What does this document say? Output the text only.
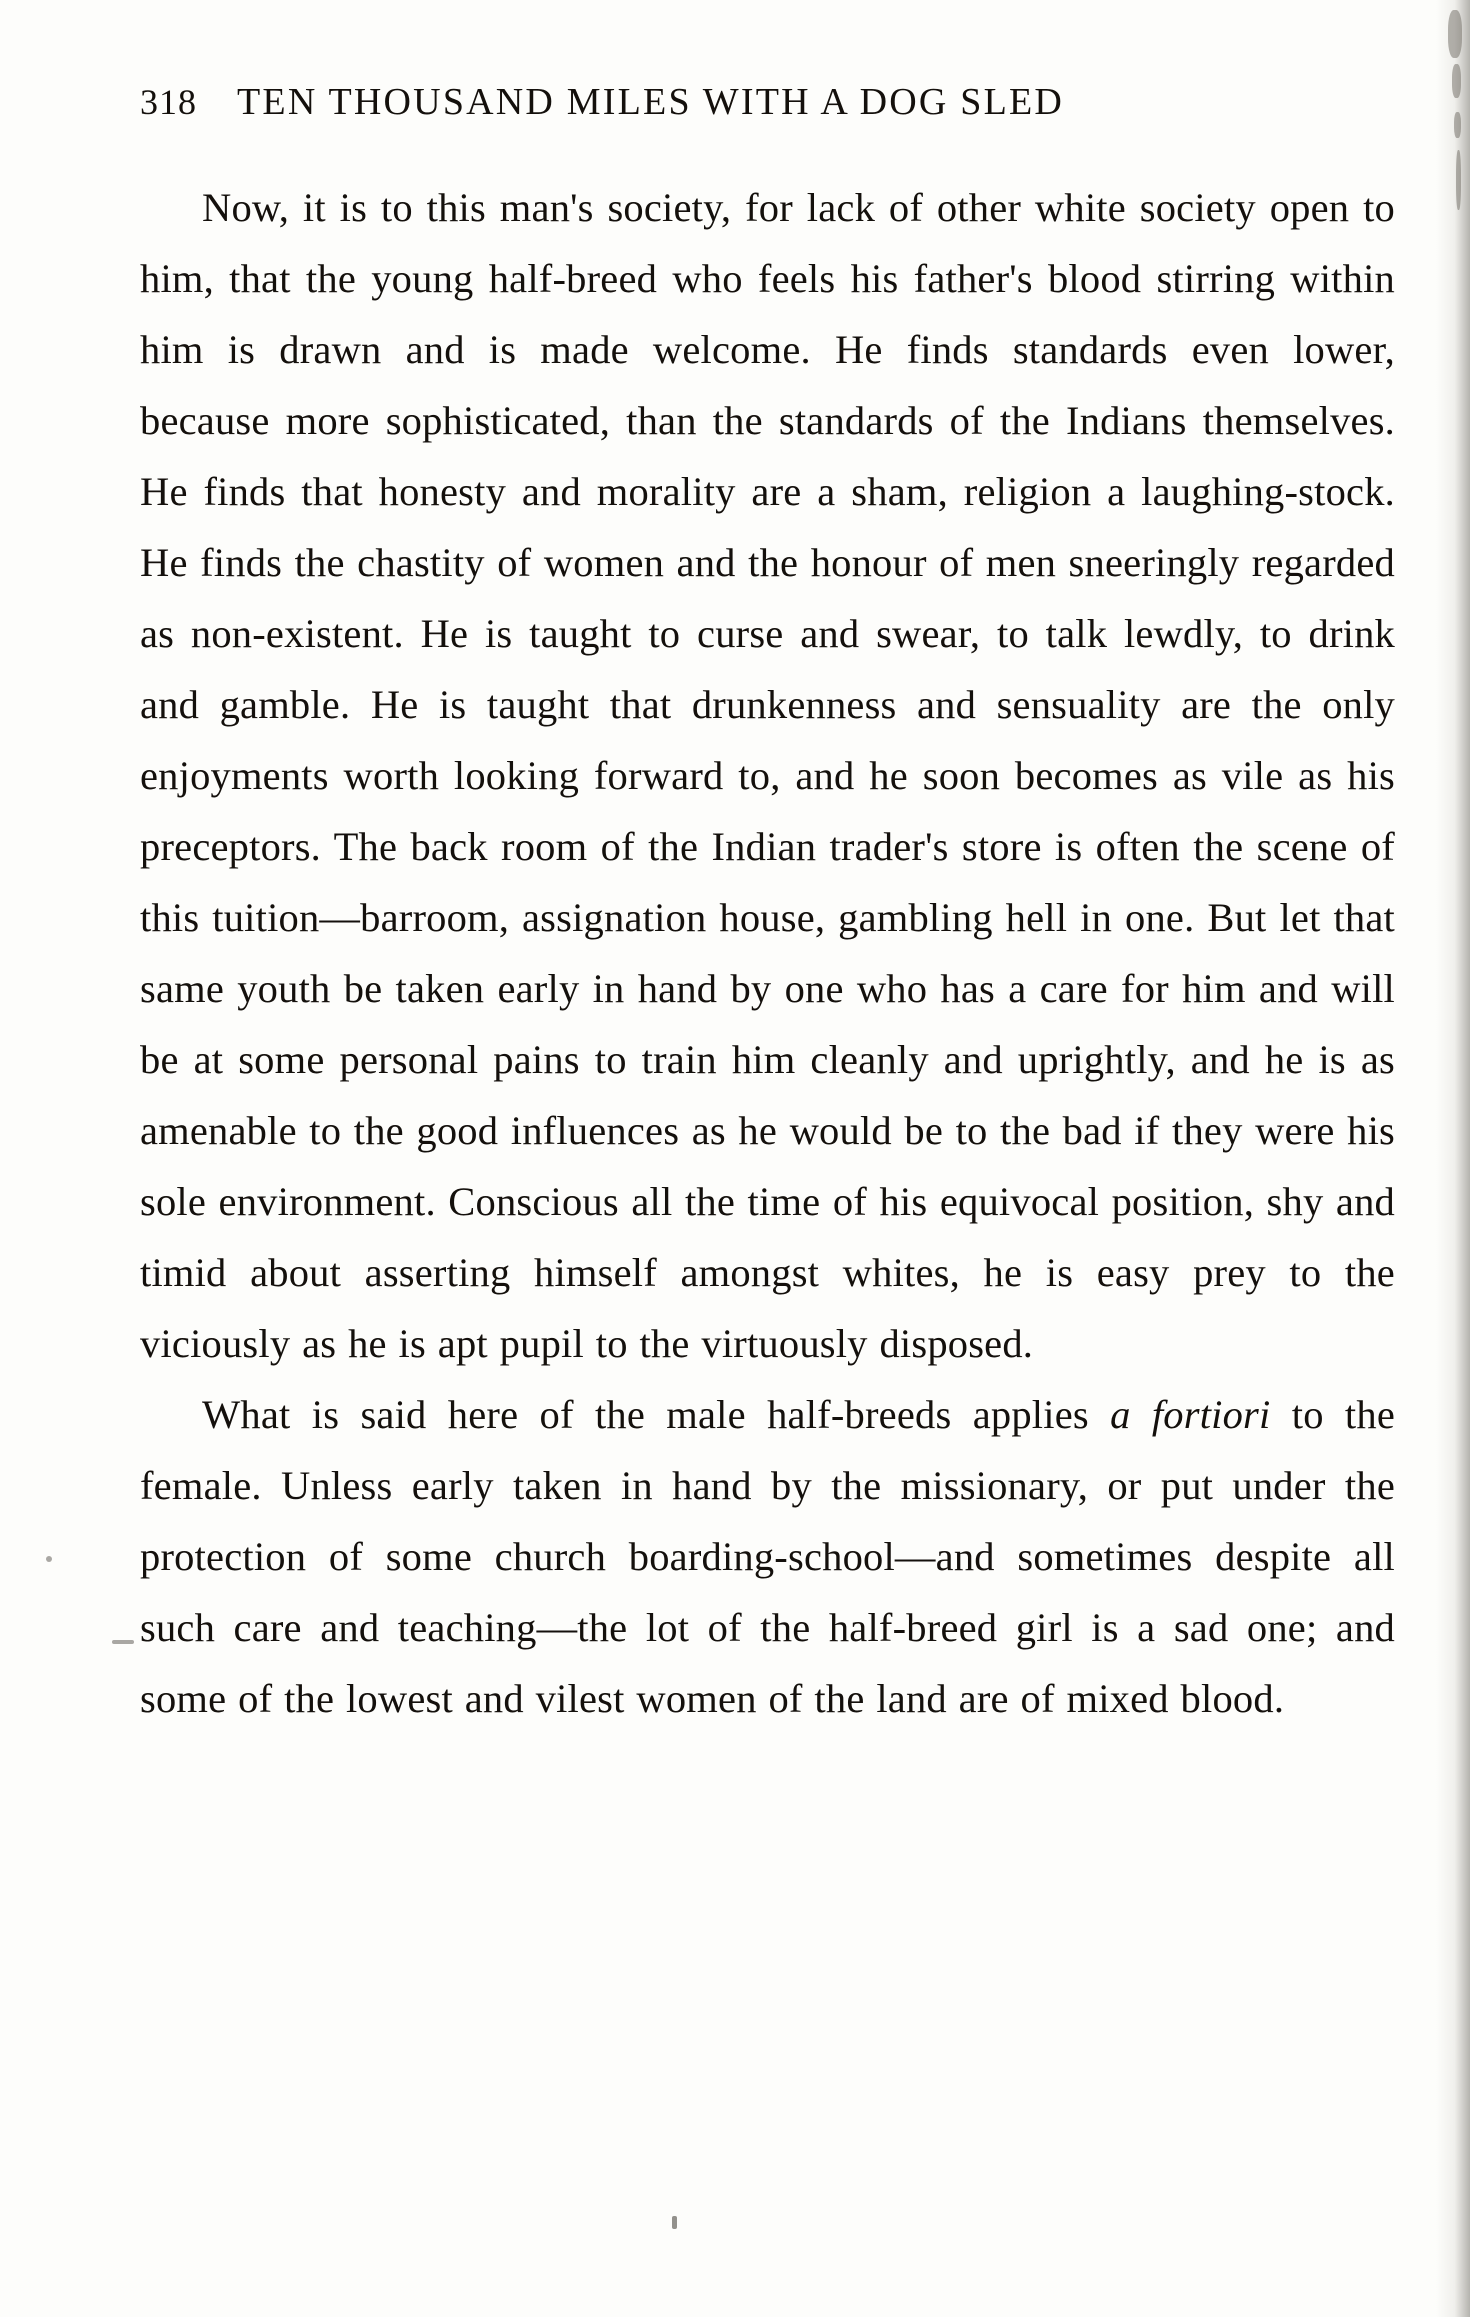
318 TEN THOUSAND MILES WITH A DOG SLED

Now, it is to this man's society, for lack of other white society open to him, that the young half-breed who feels his father's blood stirring within him is drawn and is made welcome. He finds standards even lower, because more sophisticated, than the standards of the Indians themselves. He finds that honesty and morality are a sham, religion a laughing-stock. He finds the chastity of women and the honour of men sneeringly regarded as non-existent. He is taught to curse and swear, to talk lewdly, to drink and gamble. He is taught that drunkenness and sensuality are the only enjoyments worth looking forward to, and he soon becomes as vile as his preceptors. The back room of the Indian trader's store is often the scene of this tuition—barroom, assignation house, gambling hell in one. But let that same youth be taken early in hand by one who has a care for him and will be at some personal pains to train him cleanly and uprightly, and he is as amenable to the good influences as he would be to the bad if they were his sole environment. Conscious all the time of his equivocal position, shy and timid about asserting himself amongst whites, he is easy prey to the viciously as he is apt pupil to the virtuously disposed.

What is said here of the male half-breeds applies a fortiori to the female. Unless early taken in hand by the missionary, or put under the protection of some church boarding-school—and sometimes despite all such care and teaching—the lot of the half-breed girl is a sad one; and some of the lowest and vilest women of the land are of mixed blood.
